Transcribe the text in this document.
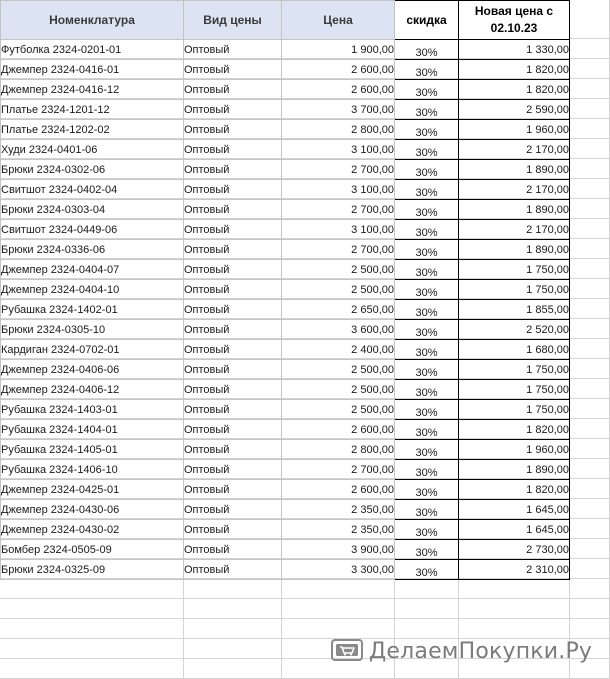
Номенклатура	Вид цены	Цена	скидка	Новая цена с 02.10.23
Футболка 2324-0201-01	Оптовый	1 900,00	30%	1 330,00
Джемпер 2324-0416-01	Оптовый	2 600,00	30%	1 820,00
Джемпер 2324-0416-12	Оптовый	2 600,00	30%	1 820,00
Платье 2324-1201-12	Оптовый	3 700,00	30%	2 590,00
Платье 2324-1202-02	Оптовый	2 800,00	30%	1 960,00
Худи 2324-0401-06	Оптовый	3 100,00	30%	2 170,00
Брюки 2324-0302-06	Оптовый	2 700,00	30%	1 890,00
Свитшот 2324-0402-04	Оптовый	3 100,00	30%	2 170,00
Брюки 2324-0303-04	Оптовый	2 700,00	30%	1 890,00
Свитшот 2324-0449-06	Оптовый	3 100,00	30%	2 170,00
Брюки 2324-0336-06	Оптовый	2 700,00	30%	1 890,00
Джемпер 2324-0404-07	Оптовый	2 500,00	30%	1 750,00
Джемпер 2324-0404-10	Оптовый	2 500,00	30%	1 750,00
Рубашка 2324-1402-01	Оптовый	2 650,00	30%	1 855,00
Брюки 2324-0305-10	Оптовый	3 600,00	30%	2 520,00
Кардиган 2324-0702-01	Оптовый	2 400,00	30%	1 680,00
Джемпер 2324-0406-06	Оптовый	2 500,00	30%	1 750,00
Джемпер 2324-0406-12	Оптовый	2 500,00	30%	1 750,00
Рубашка 2324-1403-01	Оптовый	2 500,00	30%	1 750,00
Рубашка 2324-1404-01	Оптовый	2 600,00	30%	1 820,00
Рубашка 2324-1405-01	Оптовый	2 800,00	30%	1 960,00
Рубашка 2324-1406-10	Оптовый	2 700,00	30%	1 890,00
Джемпер 2324-0425-01	Оптовый	2 600,00	30%	1 820,00
Джемпер 2324-0430-06	Оптовый	2 350,00	30%	1 645,00
Джемпер 2324-0430-02	Оптовый	2 350,00	30%	1 645,00
Бомбер 2324-0505-09	Оптовый	3 900,00	30%	2 730,00
Брюки 2324-0325-09	Оптовый	3 300,00	30%	2 310,00
ДелаемПокупки.Ру
